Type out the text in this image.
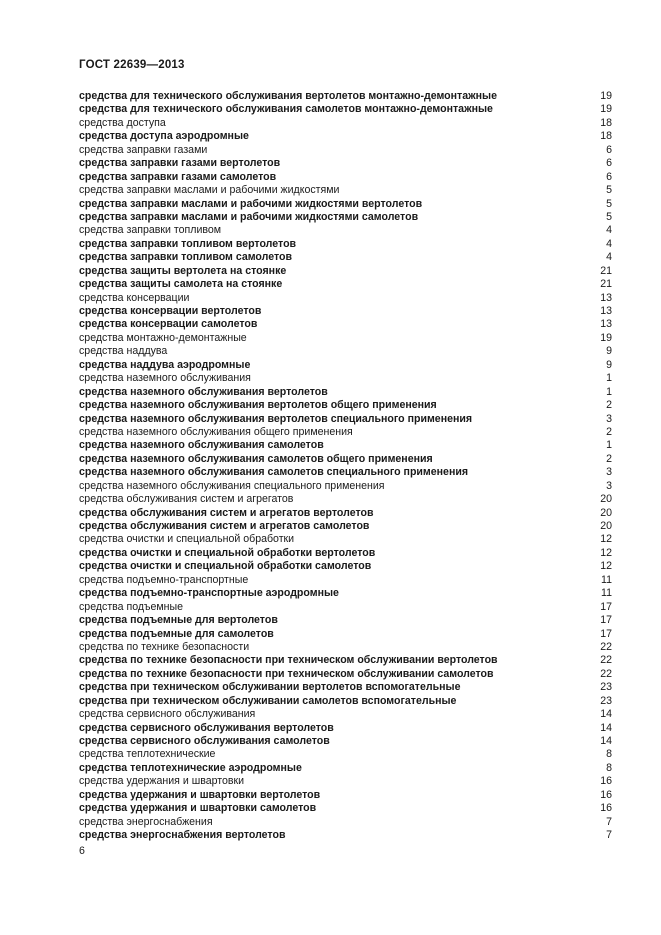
ГОСТ 22639—2013
средства для технического обслуживания вертолетов монтажно-демонтажные	19
средства для технического обслуживания самолетов монтажно-демонтажные	19
средства доступа	18
средства доступа аэродромные	18
средства заправки газами	6
средства заправки газами вертолетов	6
средства заправки газами самолетов	6
средства заправки маслами и рабочими жидкостями	5
средства заправки маслами и рабочими жидкостями вертолетов	5
средства заправки маслами и рабочими жидкостями самолетов	5
средства заправки топливом	4
средства заправки топливом вертолетов	4
средства заправки топливом самолетов	4
средства защиты вертолета на стоянке	21
средства защиты самолета на стоянке	21
средства консервации	13
средства консервации вертолетов	13
средства консервации самолетов	13
средства монтажно-демонтажные	19
средства наддува	9
средства наддува аэродромные	9
средства наземного обслуживания	1
средства наземного обслуживания вертолетов	1
средства наземного обслуживания вертолетов общего применения	2
средства наземного обслуживания вертолетов специального применения	3
средства наземного обслуживания общего применения	2
средства наземного обслуживания самолетов	1
средства наземного обслуживания самолетов общего применения	2
средства наземного обслуживания самолетов специального применения	3
средства наземного обслуживания специального применения	3
средства обслуживания систем и агрегатов	20
средства обслуживания систем и агрегатов вертолетов	20
средства обслуживания систем и агрегатов самолетов	20
средства очистки и специальной обработки	12
средства очистки и специальной обработки вертолетов	12
средства очистки и специальной обработки самолетов	12
средства подъемно-транспортные	11
средства подъемно-транспортные аэродромные	11
средства подъемные	17
средства подъемные для вертолетов	17
средства подъемные для самолетов	17
средства по технике безопасности	22
средства по технике безопасности при техническом обслуживании вертолетов	22
средства по технике безопасности при техническом обслуживании самолетов	22
средства при техническом обслуживании вертолетов вспомогательные	23
средства при техническом обслуживании самолетов вспомогательные	23
средства сервисного обслуживания	14
средства сервисного обслуживания вертолетов	14
средства сервисного обслуживания самолетов	14
средства теплотехнические	8
средства теплотехнические аэродромные	8
средства удержания и швартовки	16
средства удержания и швартовки вертолетов	16
средства удержания и швартовки самолетов	16
средства энергоснабжения	7
средства энергоснабжения вертолетов	7
6
